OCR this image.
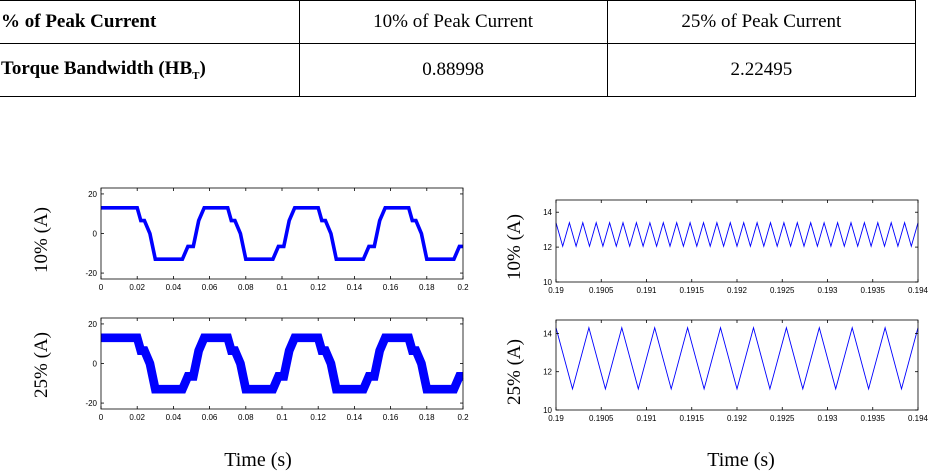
% of Peak Current	10% of Peak Current	25% of Peak Current
Torque Bandwidth $(HB_T)$	0.88998	2.22495
0	0.02	0.04	0.06	0.08	0.1	0.12	0.14	0.16	0.18	0.2
-20
0
20
0	0.02	0.04	0.06	0.08	0.1	0.12	0.14	0.16	0.18	0.2
-20
0
20
0.19	0.1905	0.191	0.1915	0.192	0.1925	0.193	0.1935	0.194
10
12
14
0.19	0.1905	0.191	0.1915	0.192	0.1925	0.193	0.1935	0.194
10
12
14
10% (A)
25% (A)
10% (A)
25% (A)
Time (s)	Time (s)
